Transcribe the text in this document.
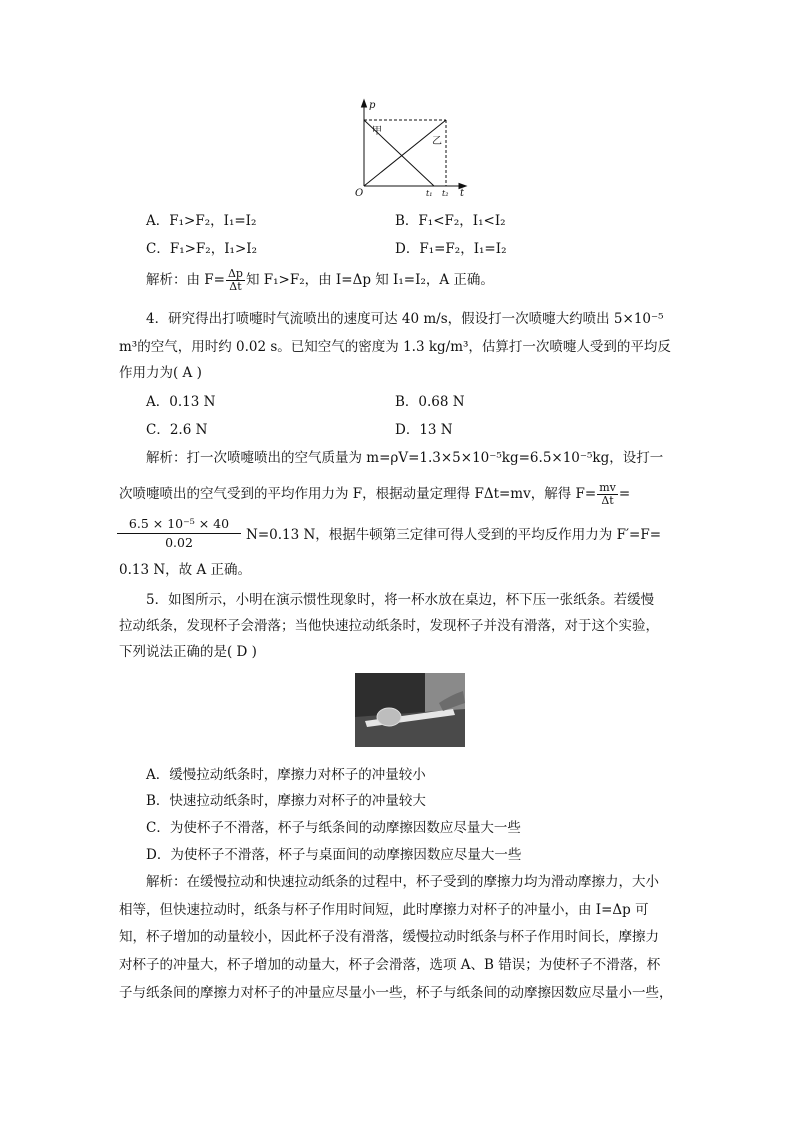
p
t
O
甲
乙
t₁ t₂
A．F₁>F₂，I₁=I₂	B．F₁<F₂，I₁<I₂
C．F₁>F₂，I₁>I₂	D．F₁=F₂，I₁=I₂
解析：由 $F= \frac{\Delta p}{\Delta t}$ 知 F₁>F₂，由 I=Δp 知 I₁=I₂，A 正确。
4．研究得出打喷嚏时气流喷出的速度可达 40 m/s，假设打一次喷嚏大约喷出 5×10⁻⁵
m³的空气，用时约 0.02 s。已知空气的密度为 1.3 kg/m³，估算打一次喷嚏人受到的平均反
作用力为( A )
A．0.13 N	B．0.68 N
C．2.6 N	D．13 N
解析：打一次喷嚏喷出的空气质量为 m=ρV=1.3×5×10⁻⁵kg=6.5×10⁻⁵kg，设打一
次喷嚏喷出的空气受到的平均作用力为 F，根据动量定理得 FΔt=mv，解得 $F= \frac{mv}{\Delta t}$ =
$\frac{\text{6.5 × 10⁻⁵ × 40}}{0.02} N=0.13$ N，根据牛顿第三定律可得人受到的平均反作用力为 F′=F=
0.13 N，故 A 正确。
5．如图所示，小明在演示惯性现象时，将一杯水放在桌边，杯下压一张纸条。若缓慢
拉动纸条，发现杯子会滑落；当他快速拉动纸条时，发现杯子并没有滑落，对于这个实验，
下列说法正确的是( D )
A．缓慢拉动纸条时，摩擦力对杯子的冲量较小
B．快速拉动纸条时，摩擦力对杯子的冲量较大
C．为使杯子不滑落，杯子与纸条间的动摩擦因数应尽量大一些
D．为使杯子不滑落，杯子与桌面间的动摩擦因数应尽量大一些
解析：在缓慢拉动和快速拉动纸条的过程中，杯子受到的摩擦力均为滑动摩擦力，大小
相等，但快速拉动时，纸条与杯子作用时间短，此时摩擦力对杯子的冲量小，由 I=Δp 可
知，杯子增加的动量较小，因此杯子没有滑落，缓慢拉动时纸条与杯子作用时间长，摩擦力
对杯子的冲量大，杯子增加的动量大，杯子会滑落，选项 A、B 错误；为使杯子不滑落，杯
子与纸条间的摩擦力对杯子的冲量应尽量小一些，杯子与纸条间的动摩擦因数应尽量小一些，
